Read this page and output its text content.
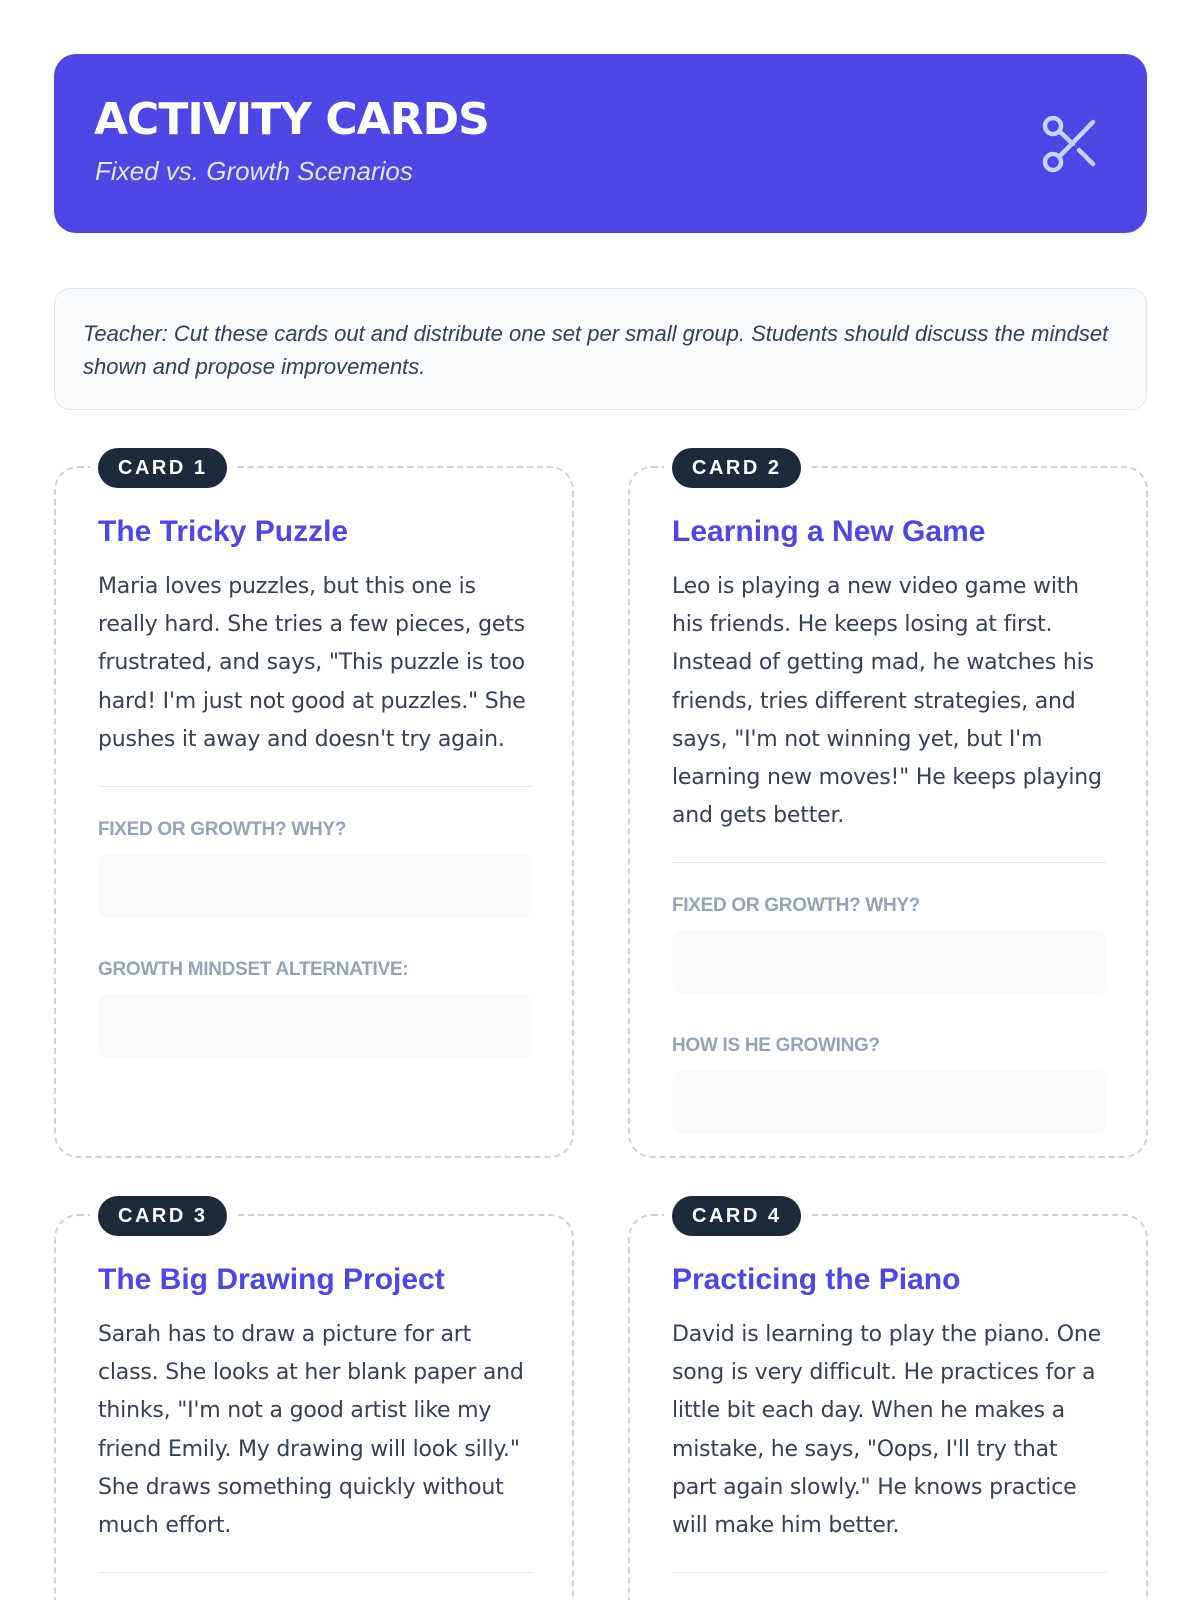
ACTIVITY CARDS

Fixed vs. Growth Scenarios

Teacher: Cut these cards out and distribute one set per small group. Students should discuss the mindset shown and propose improvements.

CARD 1
The Tricky Puzzle

Maria loves puzzles, but this one is really hard. She tries a few pieces, gets frustrated, and says, "This puzzle is too hard! I'm just not good at puzzles." She pushes it away and doesn't try again.

FIXED OR GROWTH? WHY?

GROWTH MINDSET ALTERNATIVE:

CARD 2
Learning a New Game

Leo is playing a new video game with his friends. He keeps losing at first. Instead of getting mad, he watches his friends, tries different strategies, and says, "I'm not winning yet, but I'm learning new moves!" He keeps playing and gets better.

FIXED OR GROWTH? WHY?

HOW IS HE GROWING?

CARD 3
The Big Drawing Project

Sarah has to draw a picture for art class. She looks at her blank paper and thinks, "I'm not a good artist like my friend Emily. My drawing will look silly." She draws something quickly without much effort.

CARD 4
Practicing the Piano

David is learning to play the piano. One song is very difficult. He practices for a little bit each day. When he makes a mistake, he says, "Oops, I'll try that part again slowly." He knows practice will make him better.
